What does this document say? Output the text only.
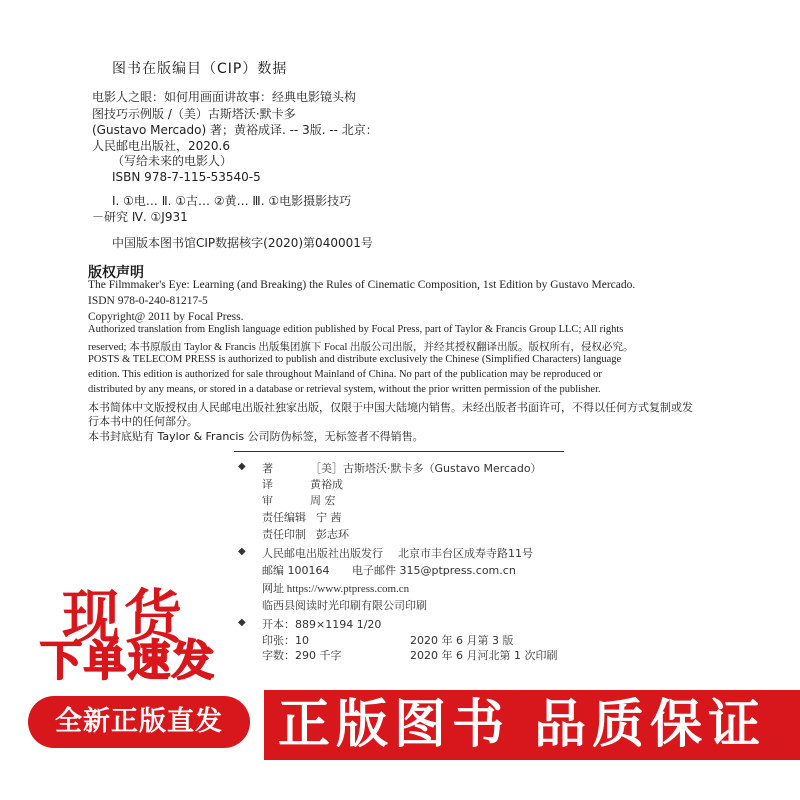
图书在版编目（CIP）数据
电影人之眼：如何用画面讲故事：经典电影镜头构
图技巧示例版 /（美）古斯塔沃·默卡多
(Gustavo Mercado) 著；黄裕成译. -- 3版. -- 北京：
人民邮电出版社，2020.6
（写给未来的电影人）
ISBN 978-7-115-53540-5
Ⅰ. ①电… Ⅱ. ①古… ②黄… Ⅲ. ①电影摄影技巧
－研究 Ⅳ. ①J931
中国版本图书馆CIP数据核字(2020)第040001号
版权声明
The Filmmaker's Eye: Learning (and Breaking) the Rules of Cinematic Composition, 1st Edition by Gustavo Mercado.
ISDN 978-0-240-81217-5
Copyright@ 2011 by Focal Press.
Authorized translation from English language edition published by Focal Press, part of Taylor & Francis Group LLC; All rights
reserved; 本书原版由 Taylor & Francis 出版集团旗下 Focal 出版公司出版，并经其授权翻译出版。版权所有，侵权必究。
POSTS & TELECOM PRESS is authorized to publish and distribute exclusively the Chinese (Simplified Characters) language
edition. This edition is authorized for sale throughout Mainland of China. No part of the publication may be reproduced or
distributed by any means, or stored in a database or retrieval system, without the prior written permission of the publisher.
本书简体中文版授权由人民邮电出版社独家出版，仅限于中国大陆境内销售。未经出版者书面许可，不得以任何方式复制或发
行本书中的任何部分。
本书封底贴有 Taylor & Francis 公司防伪标签，无标签者不得销售。
◆ 著	［美］古斯塔沃·默卡多（Gustavo Mercado）
译	黄裕成
审	周 宏
责任编辑 宁 茜
责任印制 彭志环
◆ 人民邮电出版社出版发行 北京市丰台区成寿寺路11号
邮编 100164 电子邮件 315@ptpress.com.cn
网址 https://www.ptpress.com.cn
临西县阅读时光印刷有限公司印刷
◆ 开本：889×1194 1/20
印张：10	2020 年 6 月第 3 版
字数：290 千字	2020 年 6 月河北第 1 次印刷
现货
下单速发
全新正版直发	正版图书 品质保证
